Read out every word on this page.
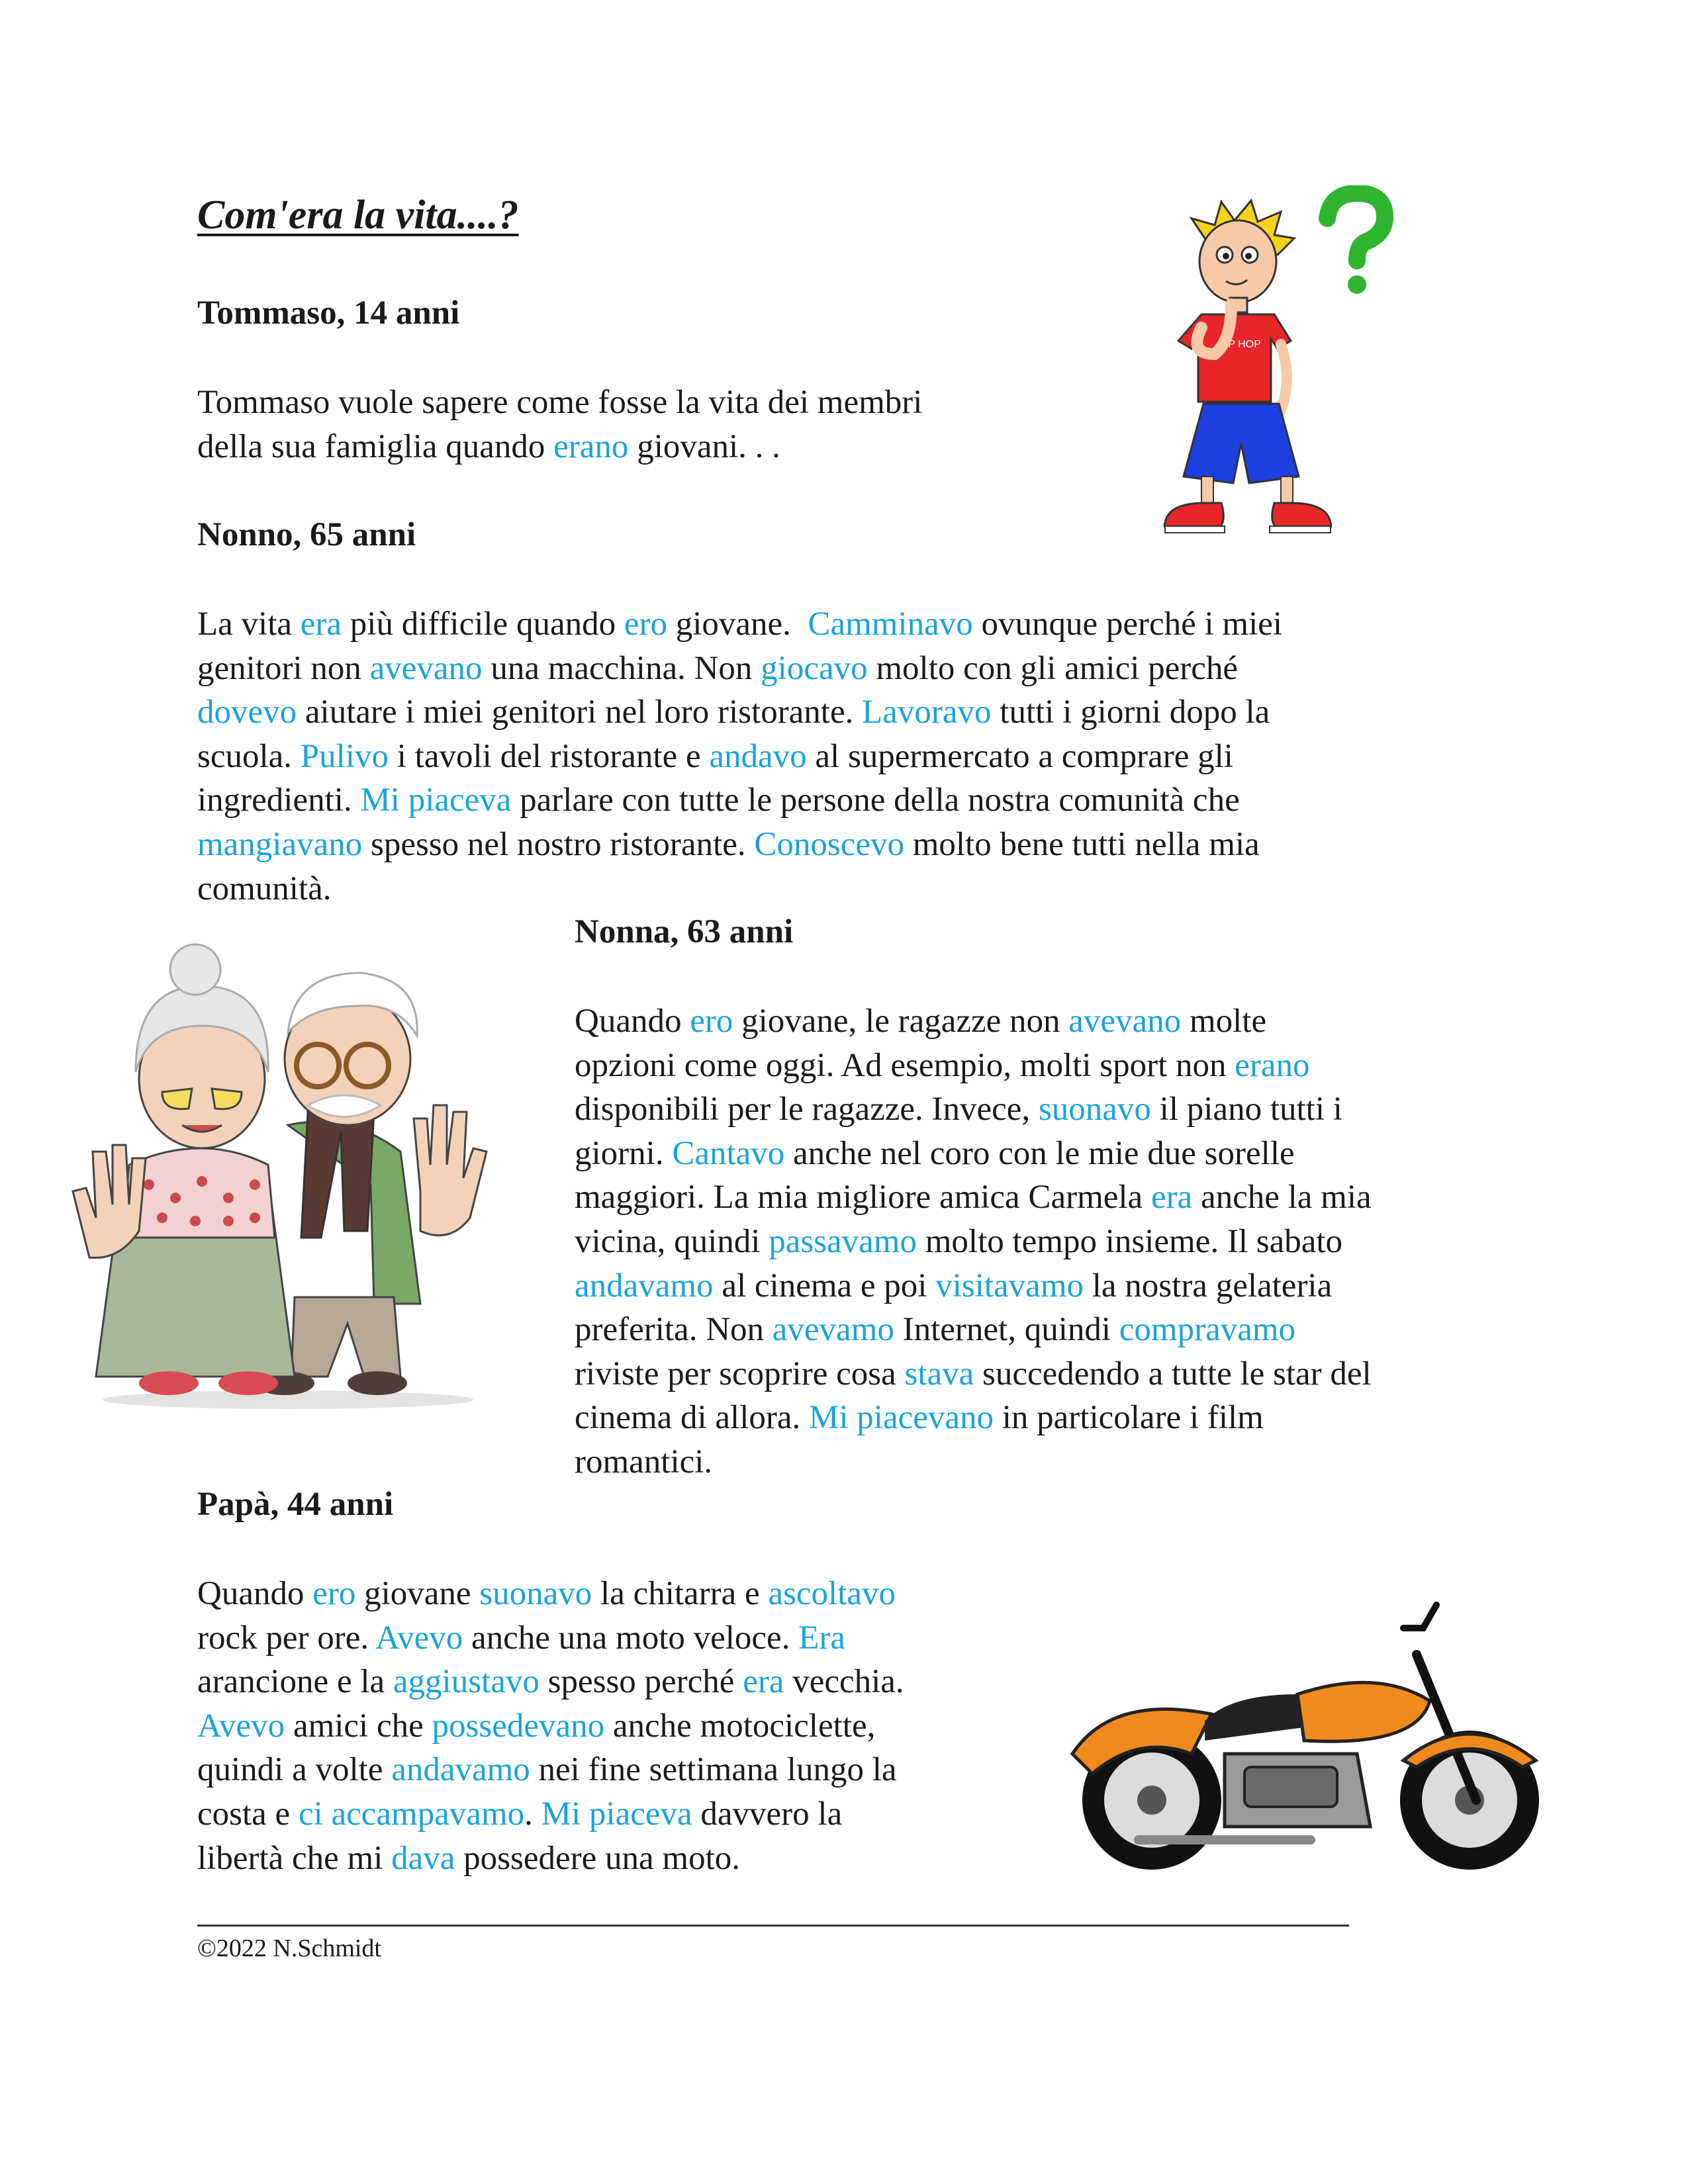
Com'era la vita....?
Tommaso, 14 anni
Tommaso vuole sapere come fosse la vita dei membri
della sua famiglia quando erano giovani. . .
Nonno, 65 anni
La vita era più difficile quando ero giovane.  Camminavo ovunque perché i miei
genitori non avevano una macchina. Non giocavo molto con gli amici perché
dovevo aiutare i miei genitori nel loro ristorante. Lavoravo tutti i giorni dopo la
scuola. Pulivo i tavoli del ristorante e andavo al supermercato a comprare gli
ingredienti. Mi piaceva parlare con tutte le persone della nostra comunità che
mangiavano spesso nel nostro ristorante. Conoscevo molto bene tutti nella mia
comunità.
Nonna, 63 anni
Quando ero giovane, le ragazze non avevano molte
opzioni come oggi. Ad esempio, molti sport non erano
disponibili per le ragazze. Invece, suonavo il piano tutti i
giorni. Cantavo anche nel coro con le mie due sorelle
maggiori. La mia migliore amica Carmela era anche la mia
vicina, quindi passavamo molto tempo insieme. Il sabato
andavamo al cinema e poi visitavamo la nostra gelateria
preferita. Non avevamo Internet, quindi compravamo
riviste per scoprire cosa stava succedendo a tutte le star del
cinema di allora. Mi piacevano in particolare i film
romantici.
Papà, 44 anni
Quando ero giovane suonavo la chitarra e ascoltavo
rock per ore. Avevo anche una moto veloce. Era
arancione e la aggiustavo spesso perché era vecchia.
Avevo amici che possedevano anche motociclette,
quindi a volte andavamo nei fine settimana lungo la
costa e ci accampavamo. Mi piaceva davvero la
libertà che mi dava possedere una moto.

©2022 N.Schmidt

HIP HOP
